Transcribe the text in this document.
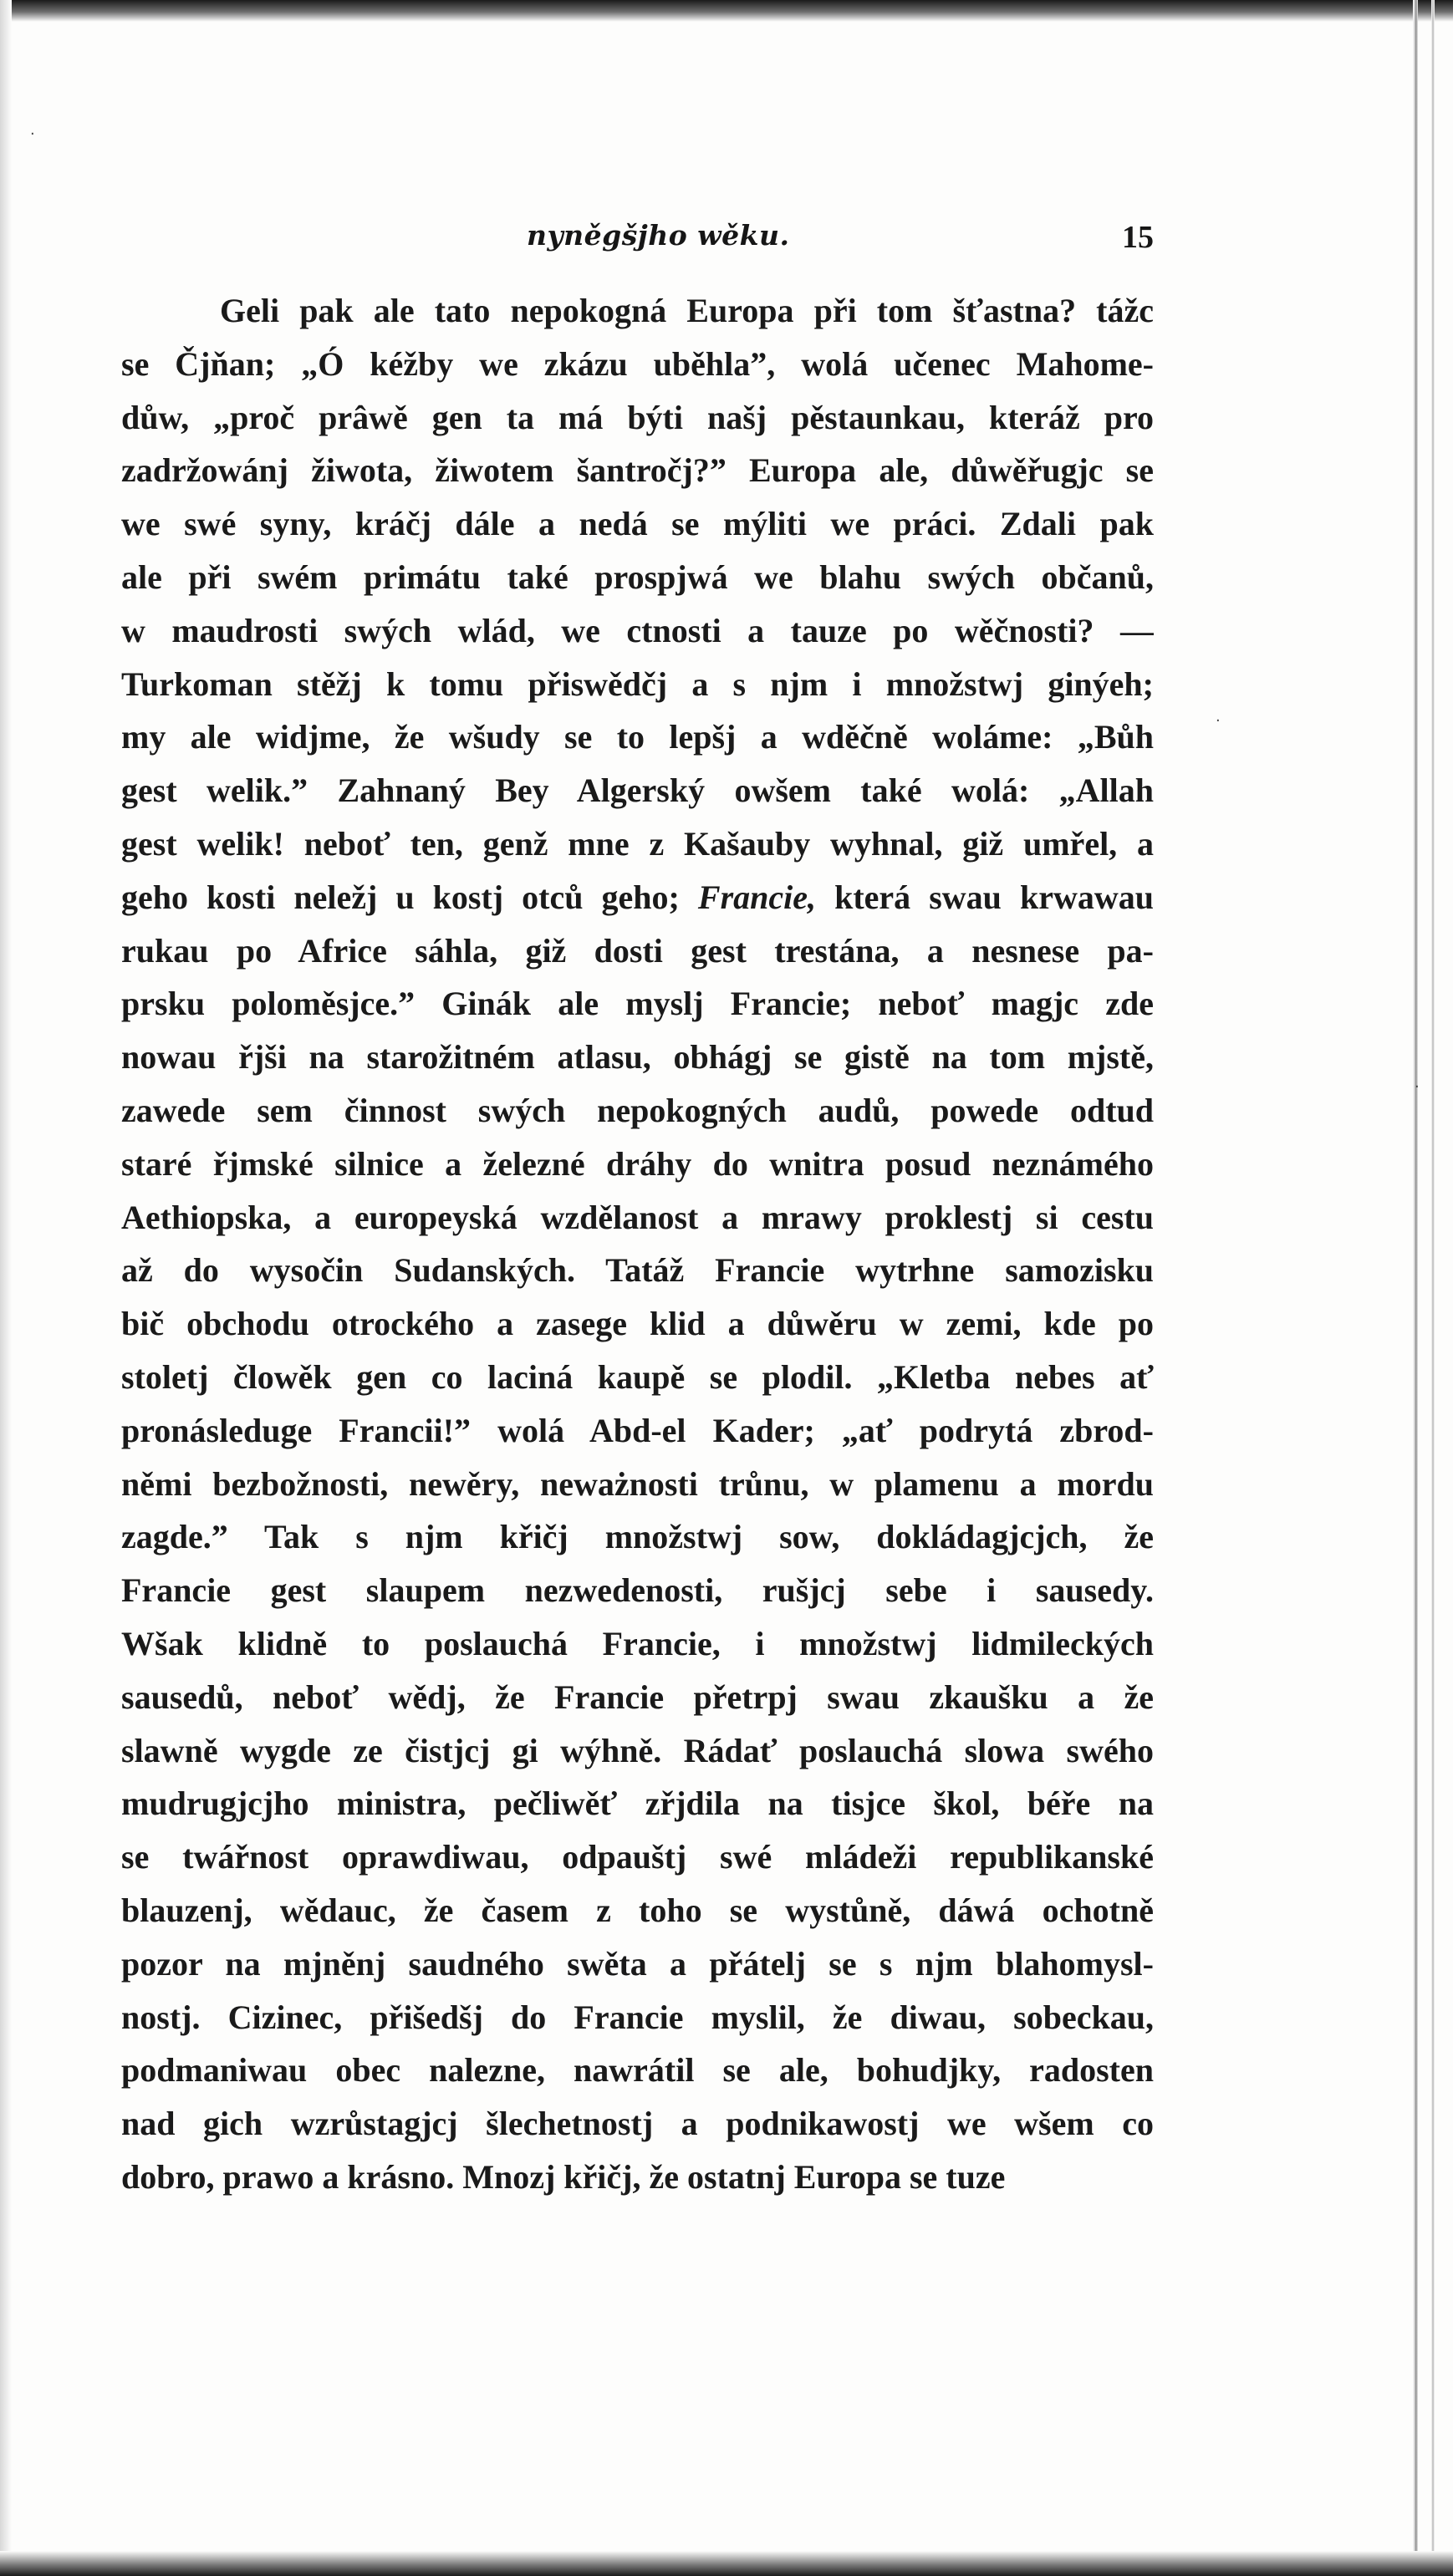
nyněgšjho wěku.	15
Geli pak ale tato nepokogná Europa při tom šťastna? tážc
se Čjňan; „Ó kéžby we zkázu uběhla”, wolá učenec Mahome-
důw, „proč prâwě gen ta má býti našj pěstaunkau, kteráž pro
zadržowánj žiwota, žiwotem šantročj?” Europa ale, důwěřugjc se
we swé syny, kráčj dále a nedá se mýliti we práci. Zdali pak
ale při swém primátu také prospjwá we blahu swých občanů,
w maudrosti swých wlád, we ctnosti a tauze po wěčnosti? —
Turkoman stěžj k tomu přiswědčj a s njm i množstwj ginýeh;
my ale widjme, že wšudy se to lepšj a wděčně woláme: „Bůh
gest welik.” Zahnaný Bey Algerský owšem také wolá: „Allah
gest welik! neboť ten, genž mne z Kašauby wyhnal, giž umřel, a
geho kosti neležj u kostj otců geho; Francie, která swau krwawau
rukau po Africe sáhla, giž dosti gest trestána, a nesnese pa-
prsku poloměsjce.” Ginák ale myslj Francie; neboť magjc zde
nowau řjši na starožitném atlasu, obhágj se gistě na tom mjstě,
zawede sem činnost swých nepokogných audů, powede odtud
staré řjmské silnice a železné dráhy do wnitra posud neznámého
Aethiopska, a europeyská wzdělanost a mrawy proklestj si cestu
až do wysočin Sudanských. Tatáž Francie wytrhne samozisku
bič obchodu otrockého a zasege klid a důwěru w zemi, kde po
stoletj člowěk gen co laciná kaupě se plodil. „Kletba nebes ať
pronásleduge Francii!” wolá Abd-el Kader; „ať podrytá zbrod-
němi bezbožnosti, newěry, neważnosti trůnu, w plamenu a mordu
zagde.” Tak s njm křičj množstwj sow, dokládagjcjch, že
Francie gest slaupem nezwedenosti, rušjcj sebe i sausedy.
Wšak klidně to poslauchá Francie, i množstwj lidmileckých
sausedů, neboť wědj, že Francie přetrpj swau zkaušku a že
slawně wygde ze čistjcj gi wýhně. Rádať poslauchá slowa swého
mudrugjcjho ministra, pečliwěť zřjdila na tisjce škol, béře na
se twářnost oprawdiwau, odpauštj swé mládeži republikanské
blauzenj, wědauc, že časem z toho se wystůně, dáwá ochotně
pozor na mjněnj saudného swěta a přátelj se s njm blahomysl-
nostj. Cizinec, přišedšj do Francie myslil, že diwau, sobeckau,
podmaniwau obec nalezne, nawrátil se ale, bohudjky, radosten
nad gich wzrůstagjcj šlechetnostj a podnikawostj we wšem co
dobro, prawo a krásno. Mnozj křičj, že ostatnj Europa se tuze
·
·
·
